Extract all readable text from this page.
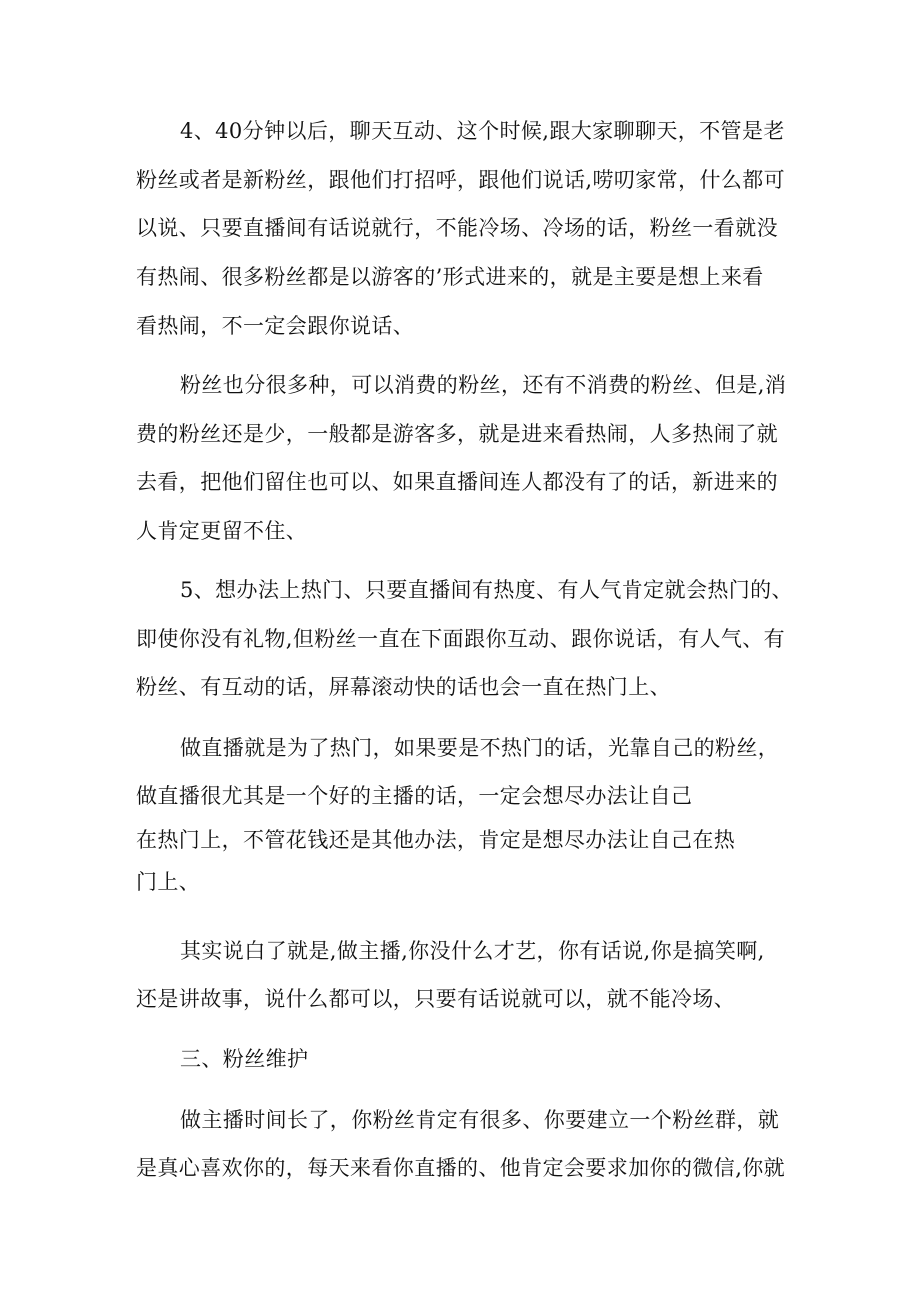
4、40分钟以后，聊天互动、这个时候,跟大家聊聊天，不管是老
粉丝或者是新粉丝，跟他们打招呼，跟他们说话,唠叨家常，什么都可
以说、只要直播间有话说就行，不能冷场、冷场的话，粉丝一看就没
有热闹、很多粉丝都是以游客的’形式进来的，就是主要是想上来看
看热闹，不一定会跟你说话、
粉丝也分很多种，可以消费的粉丝，还有不消费的粉丝、但是,消
费的粉丝还是少，一般都是游客多，就是进来看热闹，人多热闹了就
去看，把他们留住也可以、如果直播间连人都没有了的话，新进来的
人肯定更留不住、
5、想办法上热门、只要直播间有热度、有人气肯定就会热门的、
即使你没有礼物,但粉丝一直在下面跟你互动、跟你说话，有人气、有
粉丝、有互动的话，屏幕滚动快的话也会一直在热门上、
做直播就是为了热门，如果要是不热门的话，光靠自己的粉丝，
做直播很尤其是一个好的主播的话，一定会想尽办法让自己
在热门上，不管花钱还是其他办法，肯定是想尽办法让自己在热
门上、
其实说白了就是,做主播,你没什么才艺，你有话说,你是搞笑啊,
还是讲故事，说什么都可以，只要有话说就可以，就不能冷场、
三、粉丝维护
做主播时间长了，你粉丝肯定有很多、你要建立一个粉丝群，就
是真心喜欢你的，每天来看你直播的、他肯定会要求加你的微信,你就
